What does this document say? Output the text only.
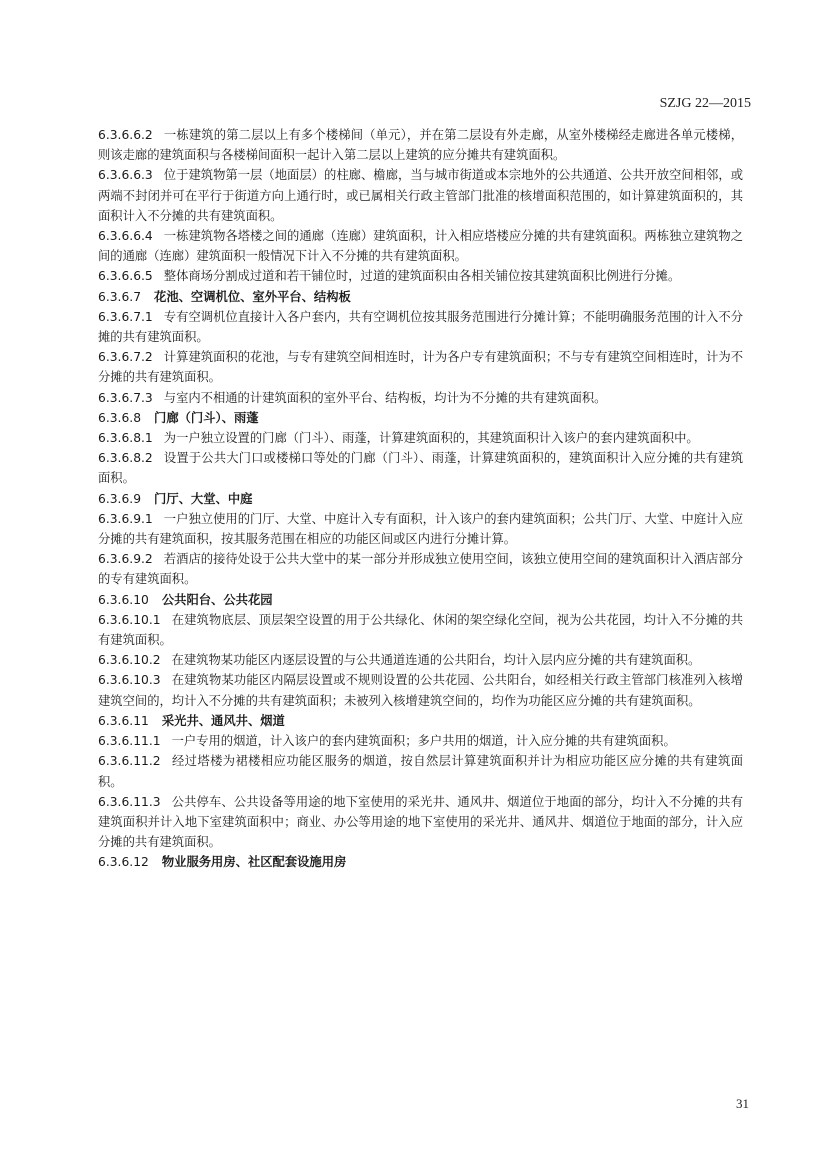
SZJG 22—2015

6.3.6.6.2 一栋建筑的第二层以上有多个楼梯间（单元），并在第二层设有外走廊，从室外楼梯经走廊进各单元楼梯，则该走廊的建筑面积与各楼梯间面积一起计入第二层以上建筑的应分摊共有建筑面积。

6.3.6.6.3 位于建筑物第一层（地面层）的柱廊、檐廊，当与城市街道或本宗地外的公共通道、公共开放空间相邻，或两端不封闭并可在平行于街道方向上通行时，或已属相关行政主管部门批准的核增面积范围的，如计算建筑面积的，其面积计入不分摊的共有建筑面积。

6.3.6.6.4 一栋建筑物各塔楼之间的通廊（连廊）建筑面积，计入相应塔楼应分摊的共有建筑面积。两栋独立建筑物之间的通廊（连廊）建筑面积一般情况下计入不分摊的共有建筑面积。

6.3.6.6.5 整体商场分割成过道和若干铺位时，过道的建筑面积由各相关铺位按其建筑面积比例进行分摊。

6.3.6.7 花池、空调机位、室外平台、结构板

6.3.6.7.1 专有空调机位直接计入各户套内，共有空调机位按其服务范围进行分摊计算；不能明确服务范围的计入不分摊的共有建筑面积。

6.3.6.7.2 计算建筑面积的花池，与专有建筑空间相连时，计为各户专有建筑面积；不与专有建筑空间相连时，计为不分摊的共有建筑面积。

6.3.6.7.3 与室内不相通的计建筑面积的室外平台、结构板，均计为不分摊的共有建筑面积。

6.3.6.8 门廊（门斗）、雨蓬

6.3.6.8.1 为一户独立设置的门廊（门斗）、雨蓬，计算建筑面积的，其建筑面积计入该户的套内建筑面积中。

6.3.6.8.2 设置于公共大门口或楼梯口等处的门廊（门斗）、雨蓬，计算建筑面积的，建筑面积计入应分摊的共有建筑面积。

6.3.6.9 门厅、大堂、中庭

6.3.6.9.1 一户独立使用的门厅、大堂、中庭计入专有面积，计入该户的套内建筑面积；公共门厅、大堂、中庭计入应分摊的共有建筑面积，按其服务范围在相应的功能区间或区内进行分摊计算。

6.3.6.9.2 若酒店的接待处设于公共大堂中的某一部分并形成独立使用空间，该独立使用空间的建筑面积计入酒店部分的专有建筑面积。

6.3.6.10 公共阳台、公共花园

6.3.6.10.1 在建筑物底层、顶层架空设置的用于公共绿化、休闲的架空绿化空间，视为公共花园，均计入不分摊的共有建筑面积。

6.3.6.10.2 在建筑物某功能区内逐层设置的与公共通道连通的公共阳台，均计入层内应分摊的共有建筑面积。

6.3.6.10.3 在建筑物某功能区内隔层设置或不规则设置的公共花园、公共阳台，如经相关行政主管部门核准列入核增建筑空间的，均计入不分摊的共有建筑面积；未被列入核增建筑空间的，均作为功能区应分摊的共有建筑面积。

6.3.6.11 采光井、通风井、烟道

6.3.6.11.1 一户专用的烟道，计入该户的套内建筑面积；多户共用的烟道，计入应分摊的共有建筑面积。

6.3.6.11.2 经过塔楼为裙楼相应功能区服务的烟道，按自然层计算建筑面积并计为相应功能区应分摊的共有建筑面积。

6.3.6.11.3 公共停车、公共设备等用途的地下室使用的采光井、通风井、烟道位于地面的部分，均计入不分摊的共有建筑面积并计入地下室建筑面积中；商业、办公等用途的地下室使用的采光井、通风井、烟道位于地面的部分，计入应分摊的共有建筑面积。

6.3.6.12 物业服务用房、社区配套设施用房

31
